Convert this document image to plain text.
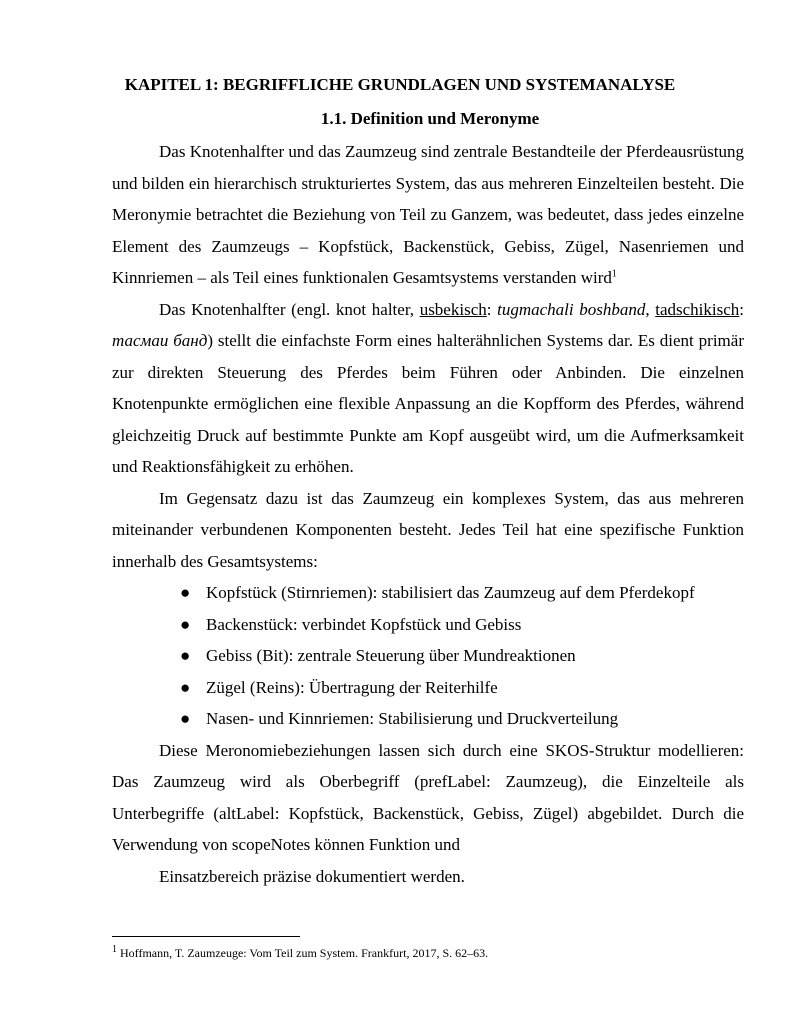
KAPITEL 1: BEGRIFFLICHE GRUNDLAGEN UND SYSTEMANALYSE
1.1. Definition und Meronyme

Das Knotenhalfter und das Zaumzeug sind zentrale Bestandteile der Pferdeausrüstung und bilden ein hierarchisch strukturiertes System, das aus mehreren Einzelteilen besteht. Die Meronymie betrachtet die Beziehung von Teil zu Ganzem, was bedeutet, dass jedes einzelne Element des Zaumzeugs – Kopfstück, Backenstück, Gebiss, Zügel, Nasenriemen und Kinnriemen – als Teil eines funktionalen Gesamtsystems verstanden wird$^1$

Das Knotenhalfter (engl. knot halter, usbekisch: tugmachali boshband, tadschikisch: тасмаи банд) stellt die einfachste Form eines halterähnlichen Systems dar. Es dient primär zur direkten Steuerung des Pferdes beim Führen oder Anbinden. Die einzelnen Knotenpunkte ermöglichen eine flexible Anpassung an die Kopfform des Pferdes, während gleichzeitig Druck auf bestimmte Punkte am Kopf ausgeübt wird, um die Aufmerksamkeit und Reaktionsfähigkeit zu erhöhen.

Im Gegensatz dazu ist das Zaumzeug ein komplexes System, das aus mehreren miteinander verbundenen Komponenten besteht. Jedes Teil hat eine spezifische Funktion innerhalb des Gesamtsystems:

● Kopfstück (Stirnriemen): stabilisiert das Zaumzeug auf dem Pferdekopf
● Backenstück: verbindet Kopfstück und Gebiss
● Gebiss (Bit): zentrale Steuerung über Mundreaktionen
● Zügel (Reins): Übertragung der Reiterhilfe
● Nasen- und Kinnriemen: Stabilisierung und Druckverteilung

Diese Meronomiebeziehungen lassen sich durch eine SKOS-Struktur modellieren: Das Zaumzeug wird als Oberbegriff (prefLabel: Zaumzeug), die Einzelteile als Unterbegriffe (altLabel: Kopfstück, Backenstück, Gebiss, Zügel) abgebildet. Durch die Verwendung von scopeNotes können Funktion und

Einsatzbereich präzise dokumentiert werden.

$^1$ Hoffmann, T. Zaumzeuge: Vom Teil zum System. Frankfurt, 2017, S. 62–63.
